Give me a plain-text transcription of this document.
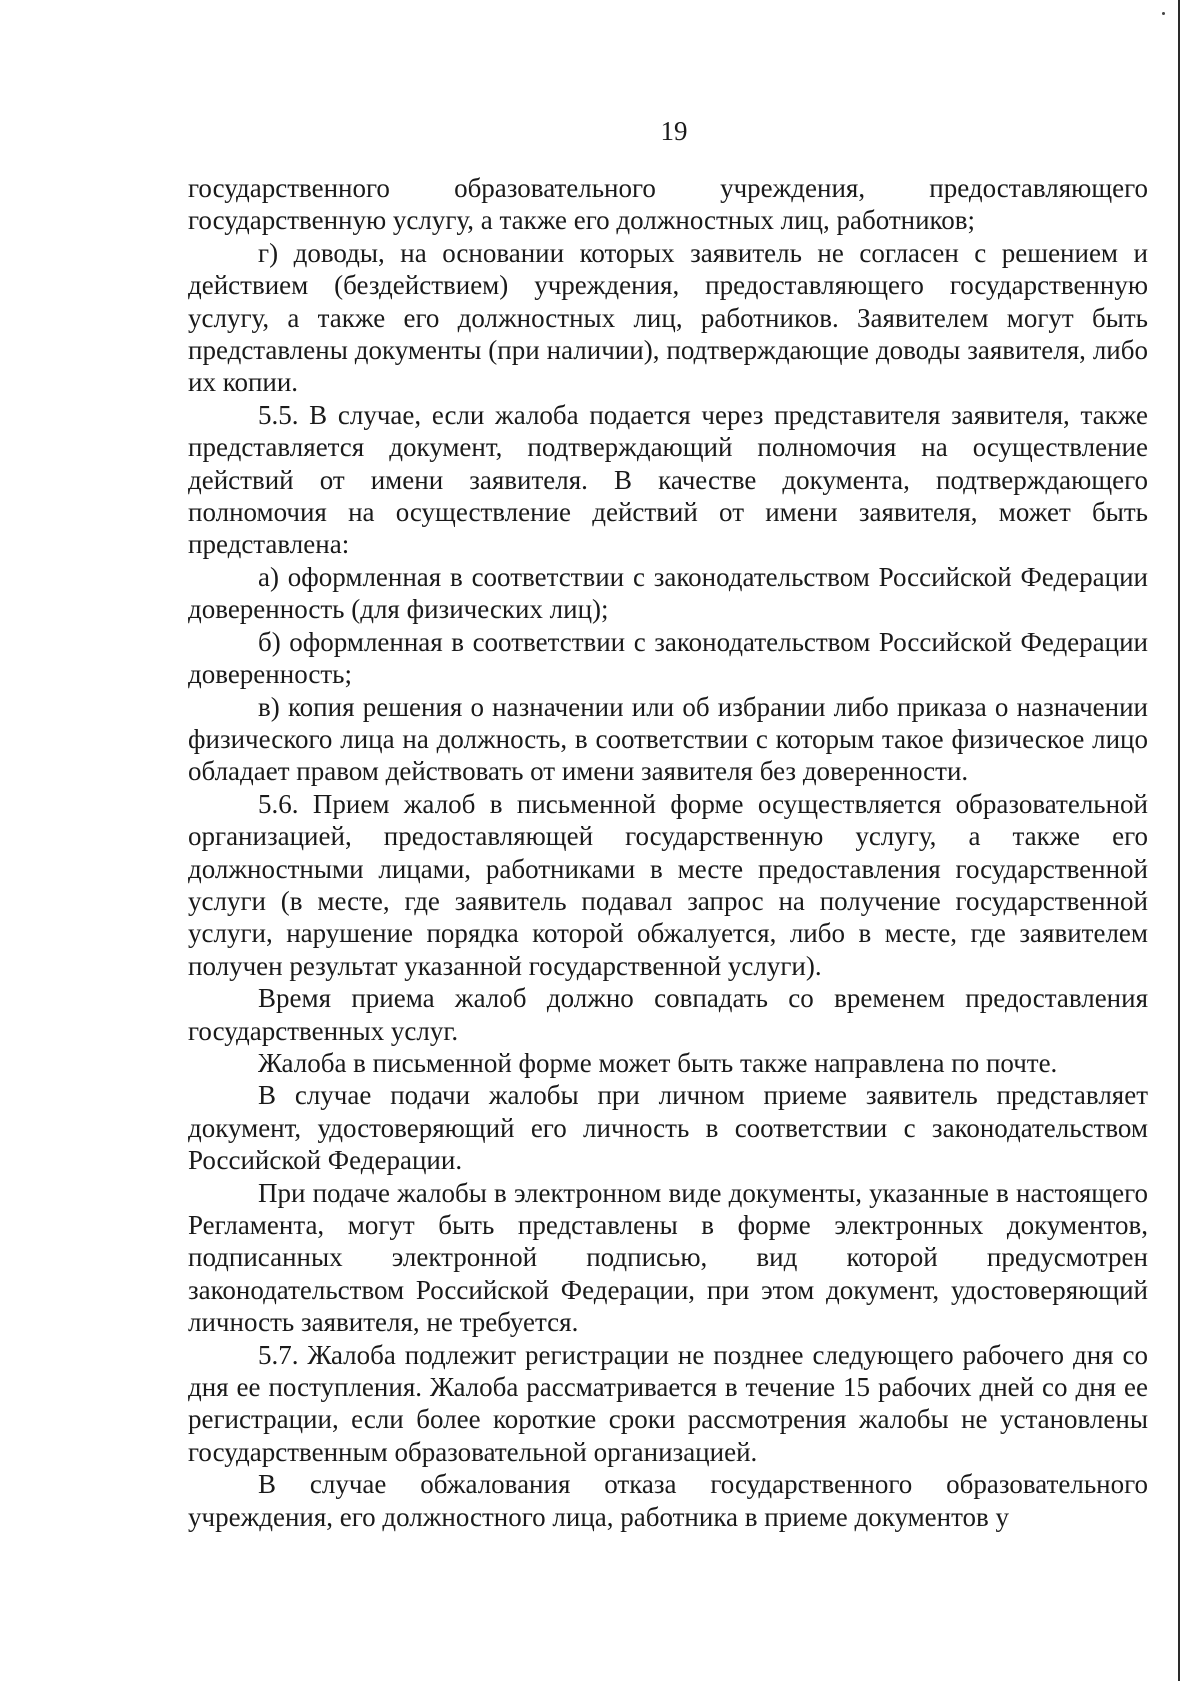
19

государственного образовательного учреждения, предоставляющего государственную услугу, а также его должностных лиц, работников;

г) доводы, на основании которых заявитель не согласен с решением и действием (бездействием) учреждения, предоставляющего государственную услугу, а также его должностных лиц, работников. Заявителем могут быть представлены документы (при наличии), подтверждающие доводы заявителя, либо их копии.

5.5. В случае, если жалоба подается через представителя заявителя, также представляется документ, подтверждающий полномочия на осуществление действий от имени заявителя. В качестве документа, подтверждающего полномочия на осуществление действий от имени заявителя, может быть представлена:

а) оформленная в соответствии с законодательством Российской Федерации доверенность (для физических лиц);

б) оформленная в соответствии с законодательством Российской Федерации доверенность;

в) копия решения о назначении или об избрании либо приказа о назначении физического лица на должность, в соответствии с которым такое физическое лицо обладает правом действовать от имени заявителя без доверенности.

5.6. Прием жалоб в письменной форме осуществляется образовательной организацией, предоставляющей государственную услугу, а также его должностными лицами, работниками в месте предоставления государственной услуги (в месте, где заявитель подавал запрос на получение государственной услуги, нарушение порядка которой обжалуется, либо в месте, где заявителем получен результат указанной государственной услуги).

Время приема жалоб должно совпадать со временем предоставления государственных услуг.

Жалоба в письменной форме может быть также направлена по почте.

В случае подачи жалобы при личном приеме заявитель представляет документ, удостоверяющий его личность в соответствии с законодательством Российской Федерации.

При подаче жалобы в электронном виде документы, указанные в настоящего Регламента, могут быть представлены в форме электронных документов, подписанных электронной подписью, вид которой предусмотрен законодательством Российской Федерации, при этом документ, удостоверяющий личность заявителя, не требуется.

5.7. Жалоба подлежит регистрации не позднее следующего рабочего дня со дня ее поступления. Жалоба рассматривается в течение 15 рабочих дней со дня ее регистрации, если более короткие сроки рассмотрения жалобы не установлены государственным образовательной организацией.

В случае обжалования отказа государственного образовательного учреждения, его должностного лица, работника в приеме документов у
